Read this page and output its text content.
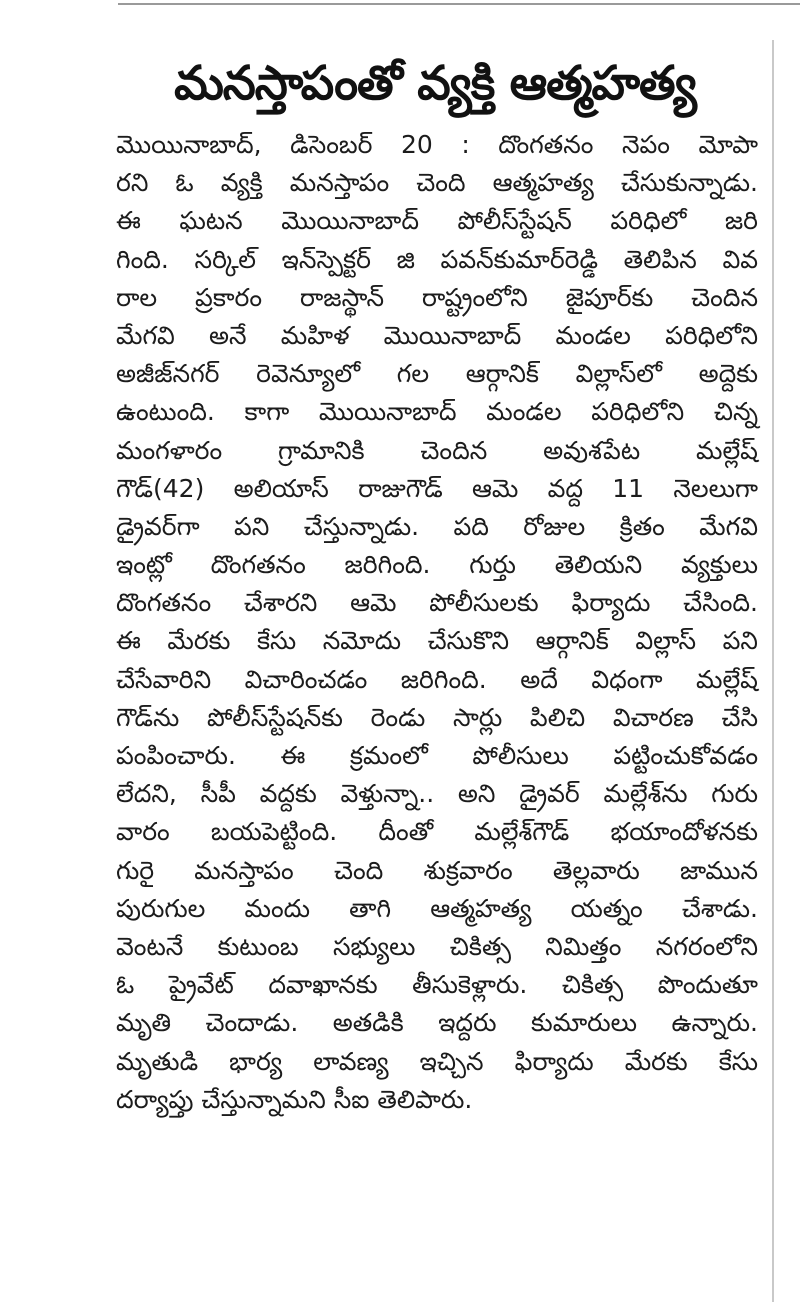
మనస్తాపంతో వ్యక్తి ఆత్మహత్య
మొయినాబాద్, డిసెంబర్ 20 : దొంగతనం నెపం మోపా
రని ఓ వ్యక్తి మనస్తాపం చెంది ఆత్మహత్య చేసుకున్నాడు.
ఈ ఘటన మొయినాబాద్ పోలీస్‌స్టేషన్ పరిధిలో జరి
గింది. సర్కిల్ ఇన్‌స్పెక్టర్ జి పవన్‌కుమార్‌రెడ్డి తెలిపిన వివ
రాల ప్రకారం రాజస్థాన్ రాష్ట్రంలోని జైపూర్‌కు చెందిన
మేగవి అనే మహిళ మొయినాబాద్ మండల పరిధిలోని
అజీజ్‌నగర్ రెవెన్యూలో గల ఆర్గానిక్ విల్లాస్‌లో అద్దెకు
ఉంటుంది. కాగా మొయినాబాద్ మండల పరిధిలోని చిన్న
మంగళారం గ్రామానికి చెందిన అవుశపేట మల్లేష్
గౌడ్(42) అలియాస్ రాజుగౌడ్ ఆమె వద్ద 11 నెలలుగా
డ్రైవర్‌గా పని చేస్తున్నాడు. పది రోజుల క్రితం మేగవి
ఇంట్లో దొంగతనం జరిగింది. గుర్తు తెలియని వ్యక్తులు
దొంగతనం చేశారని ఆమె పోలీసులకు ఫిర్యాదు చేసింది.
ఈ మేరకు కేసు నమోదు చేసుకొని ఆర్గానిక్ విల్లాస్ పని
చేసేవారిని విచారించడం జరిగింది. అదే విధంగా మల్లేష్
గౌడ్‌ను పోలీస్‌స్టేషన్‌కు రెండు సార్లు పిలిచి విచారణ చేసి
పంపించారు. ఈ క్రమంలో పోలీసులు పట్టించుకోవడం
లేదని, సీపీ వద్దకు వెళ్తున్నా.. అని డ్రైవర్ మల్లేశ్‌ను గురు
వారం బయపెట్టింది. దీంతో మల్లేశ్‌గౌడ్ భయాందోళనకు
గురై మనస్తాపం చెంది శుక్రవారం తెల్లవారు జామున
పురుగుల మందు తాగి ఆత్మహత్య యత్నం చేశాడు.
వెంటనే కుటుంబ సభ్యులు చికిత్స నిమిత్తం నగరంలోని
ఓ ప్రైవేట్ దవాఖానకు తీసుకెళ్లారు. చికిత్స పొందుతూ
మృతి చెందాడు. అతడికి ఇద్దరు కుమారులు ఉన్నారు.
మృతుడి భార్య లావణ్య ఇచ్చిన ఫిర్యాదు మేరకు కేసు
దర్యాప్తు చేస్తున్నామని సీఐ తెలిపారు.
